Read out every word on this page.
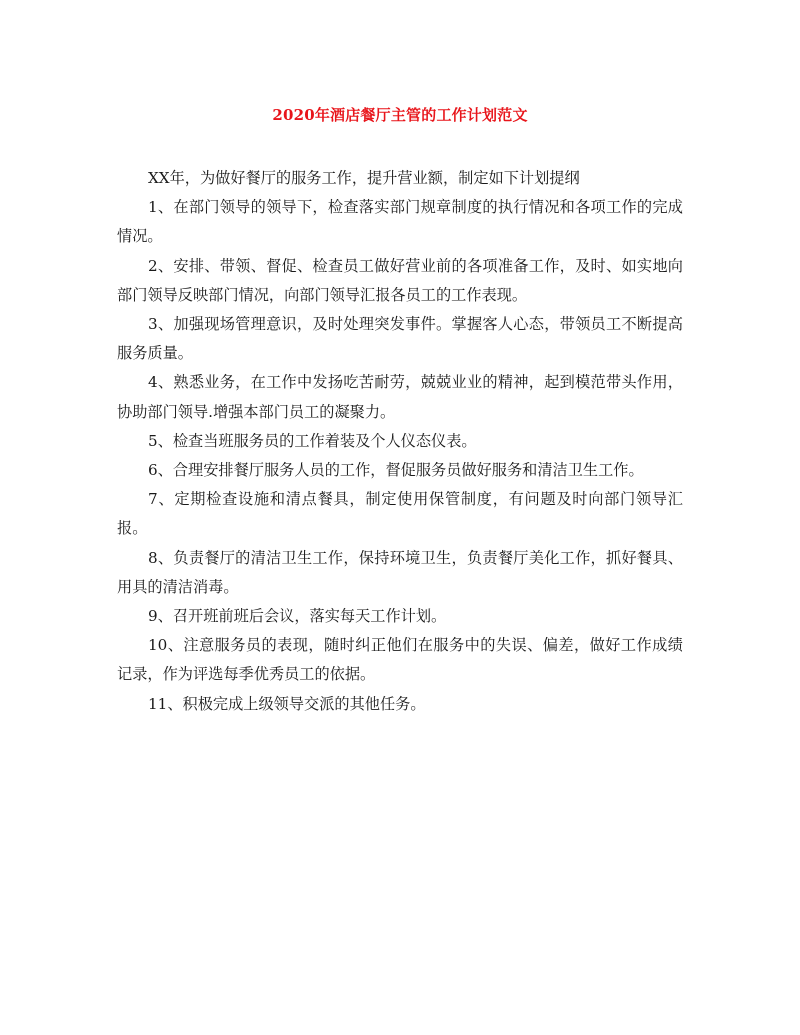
2020年酒店餐厅主管的工作计划范文

XX年，为做好餐厅的服务工作，提升营业额，制定如下计划提纲

1、在部门领导的领导下，检查落实部门规章制度的执行情况和各项工作的完成情况。

2、安排、带领、督促、检查员工做好营业前的各项准备工作，及时、如实地向部门领导反映部门情况，向部门领导汇报各员工的工作表现。

3、加强现场管理意识，及时处理突发事件。掌握客人心态，带领员工不断提高服务质量。

4、熟悉业务，在工作中发扬吃苦耐劳，兢兢业业的精神，起到模范带头作用，协助部门领导.增强本部门员工的凝聚力。

5、检查当班服务员的工作着装及个人仪态仪表。

6、合理安排餐厅服务人员的工作，督促服务员做好服务和清洁卫生工作。

7、定期检查设施和清点餐具，制定使用保管制度，有问题及时向部门领导汇报。

8、负责餐厅的清洁卫生工作，保持环境卫生，负责餐厅美化工作，抓好餐具、用具的清洁消毒。

9、召开班前班后会议，落实每天工作计划。

10、注意服务员的表现，随时纠正他们在服务中的失误、偏差，做好工作成绩记录，作为评选每季优秀员工的依据。

11、积极完成上级领导交派的其他任务。
